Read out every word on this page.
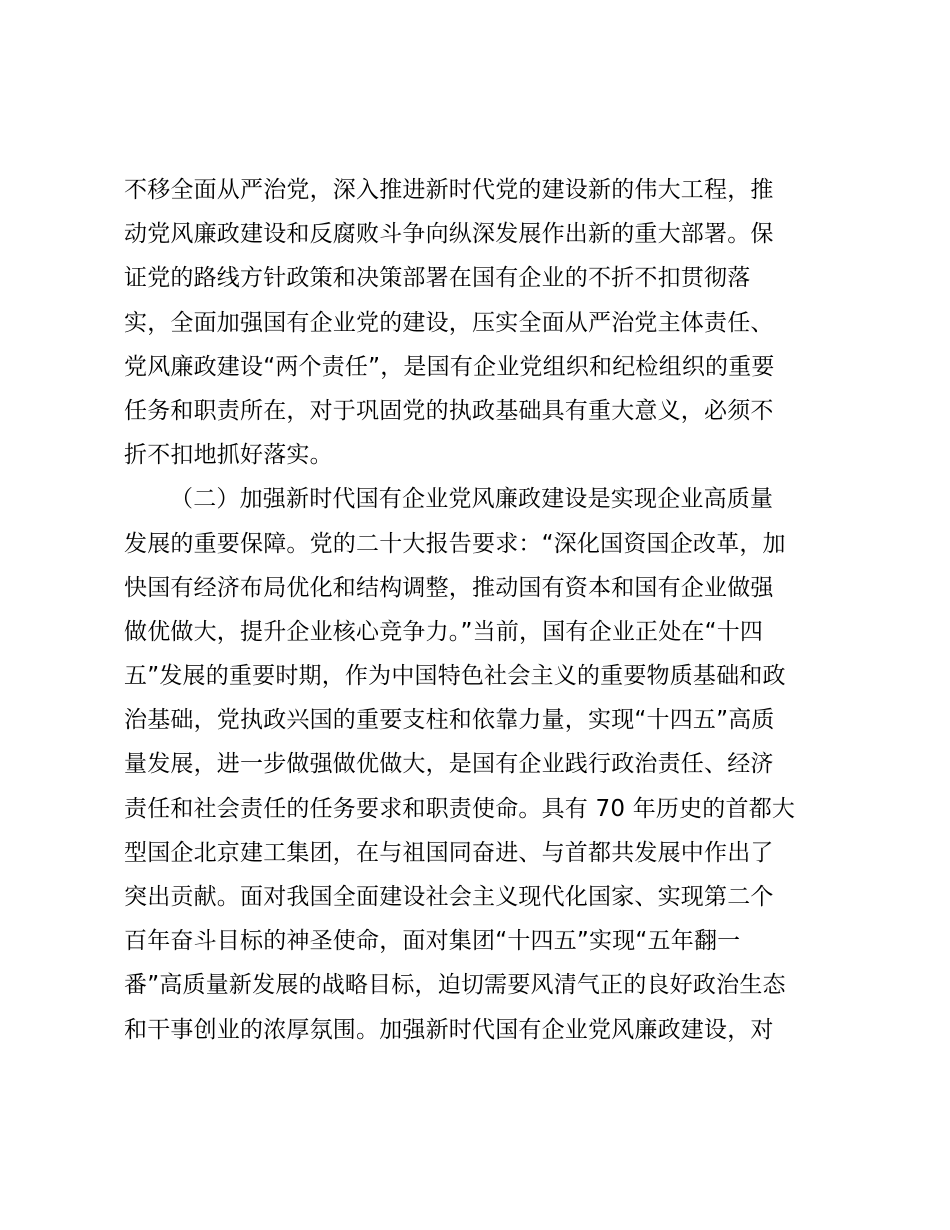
不移全面从严治党，深入推进新时代党的建设新的伟大工程，推
动党风廉政建设和反腐败斗争向纵深发展作出新的重大部署。保
证党的路线方针政策和决策部署在国有企业的不折不扣贯彻落
实，全面加强国有企业党的建设，压实全面从严治党主体责任、
党风廉政建设“两个责任”，是国有企业党组织和纪检组织的重要
任务和职责所在，对于巩固党的执政基础具有重大意义，必须不
折不扣地抓好落实。
（二）加强新时代国有企业党风廉政建设是实现企业高质量
发展的重要保障。党的二十大报告要求：“深化国资国企改革，加
快国有经济布局优化和结构调整，推动国有资本和国有企业做强
做优做大，提升企业核心竞争力。”当前，国有企业正处在“十四
五”发展的重要时期，作为中国特色社会主义的重要物质基础和政
治基础，党执政兴国的重要支柱和依靠力量，实现“十四五”高质
量发展，进一步做强做优做大，是国有企业践行政治责任、经济
责任和社会责任的任务要求和职责使命。具有 70 年历史的首都大
型国企北京建工集团，在与祖国同奋进、与首都共发展中作出了
突出贡献。面对我国全面建设社会主义现代化国家、实现第二个
百年奋斗目标的神圣使命，面对集团“十四五”实现“五年翻一
番”高质量新发展的战略目标，迫切需要风清气正的良好政治生态
和干事创业的浓厚氛围。加强新时代国有企业党风廉政建设，对
